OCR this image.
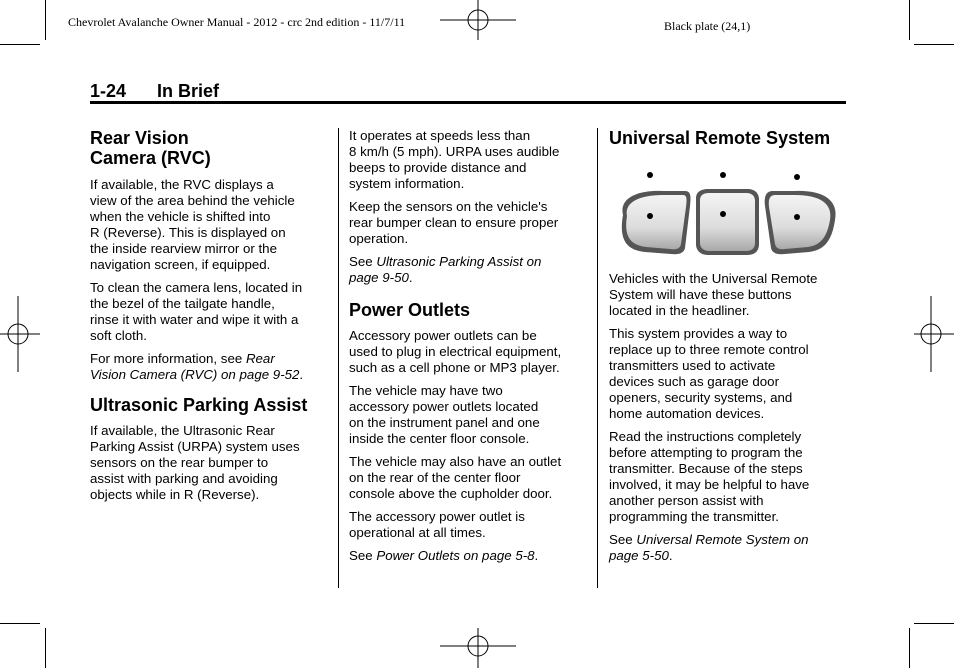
Chevrolet Avalanche Owner Manual - 2012 - crc 2nd edition - 11/7/11	Black plate (24,1)
1-24 In Brief
Rear Vision
Camera (RVC)

If available, the RVC displays a
view of the area behind the vehicle
when the vehicle is shifted into
R (Reverse). This is displayed on
the inside rearview mirror or the
navigation screen, if equipped.

To clean the camera lens, located in
the bezel of the tailgate handle,
rinse it with water and wipe it with a
soft cloth.

For more information, see Rear
Vision Camera (RVC) on page 9-52.

Ultrasonic Parking Assist

If available, the Ultrasonic Rear
Parking Assist (URPA) system uses
sensors on the rear bumper to
assist with parking and avoiding
objects while in R (Reverse).

It operates at speeds less than
8 km/h (5 mph). URPA uses audible
beeps to provide distance and
system information.

Keep the sensors on the vehicle's
rear bumper clean to ensure proper
operation.

See Ultrasonic Parking Assist on
page 9-50.

Power Outlets

Accessory power outlets can be
used to plug in electrical equipment,
such as a cell phone or MP3 player.

The vehicle may have two
accessory power outlets located
on the instrument panel and one
inside the center floor console.

The vehicle may also have an outlet
on the rear of the center floor
console above the cupholder door.

The accessory power outlet is
operational at all times.

See Power Outlets on page 5-8.

Universal Remote System

Vehicles with the Universal Remote
System will have these buttons
located in the headliner.

This system provides a way to
replace up to three remote control
transmitters used to activate
devices such as garage door
openers, security systems, and
home automation devices.

Read the instructions completely
before attempting to program the
transmitter. Because of the steps
involved, it may be helpful to have
another person assist with
programming the transmitter.

See Universal Remote System on
page 5-50.
